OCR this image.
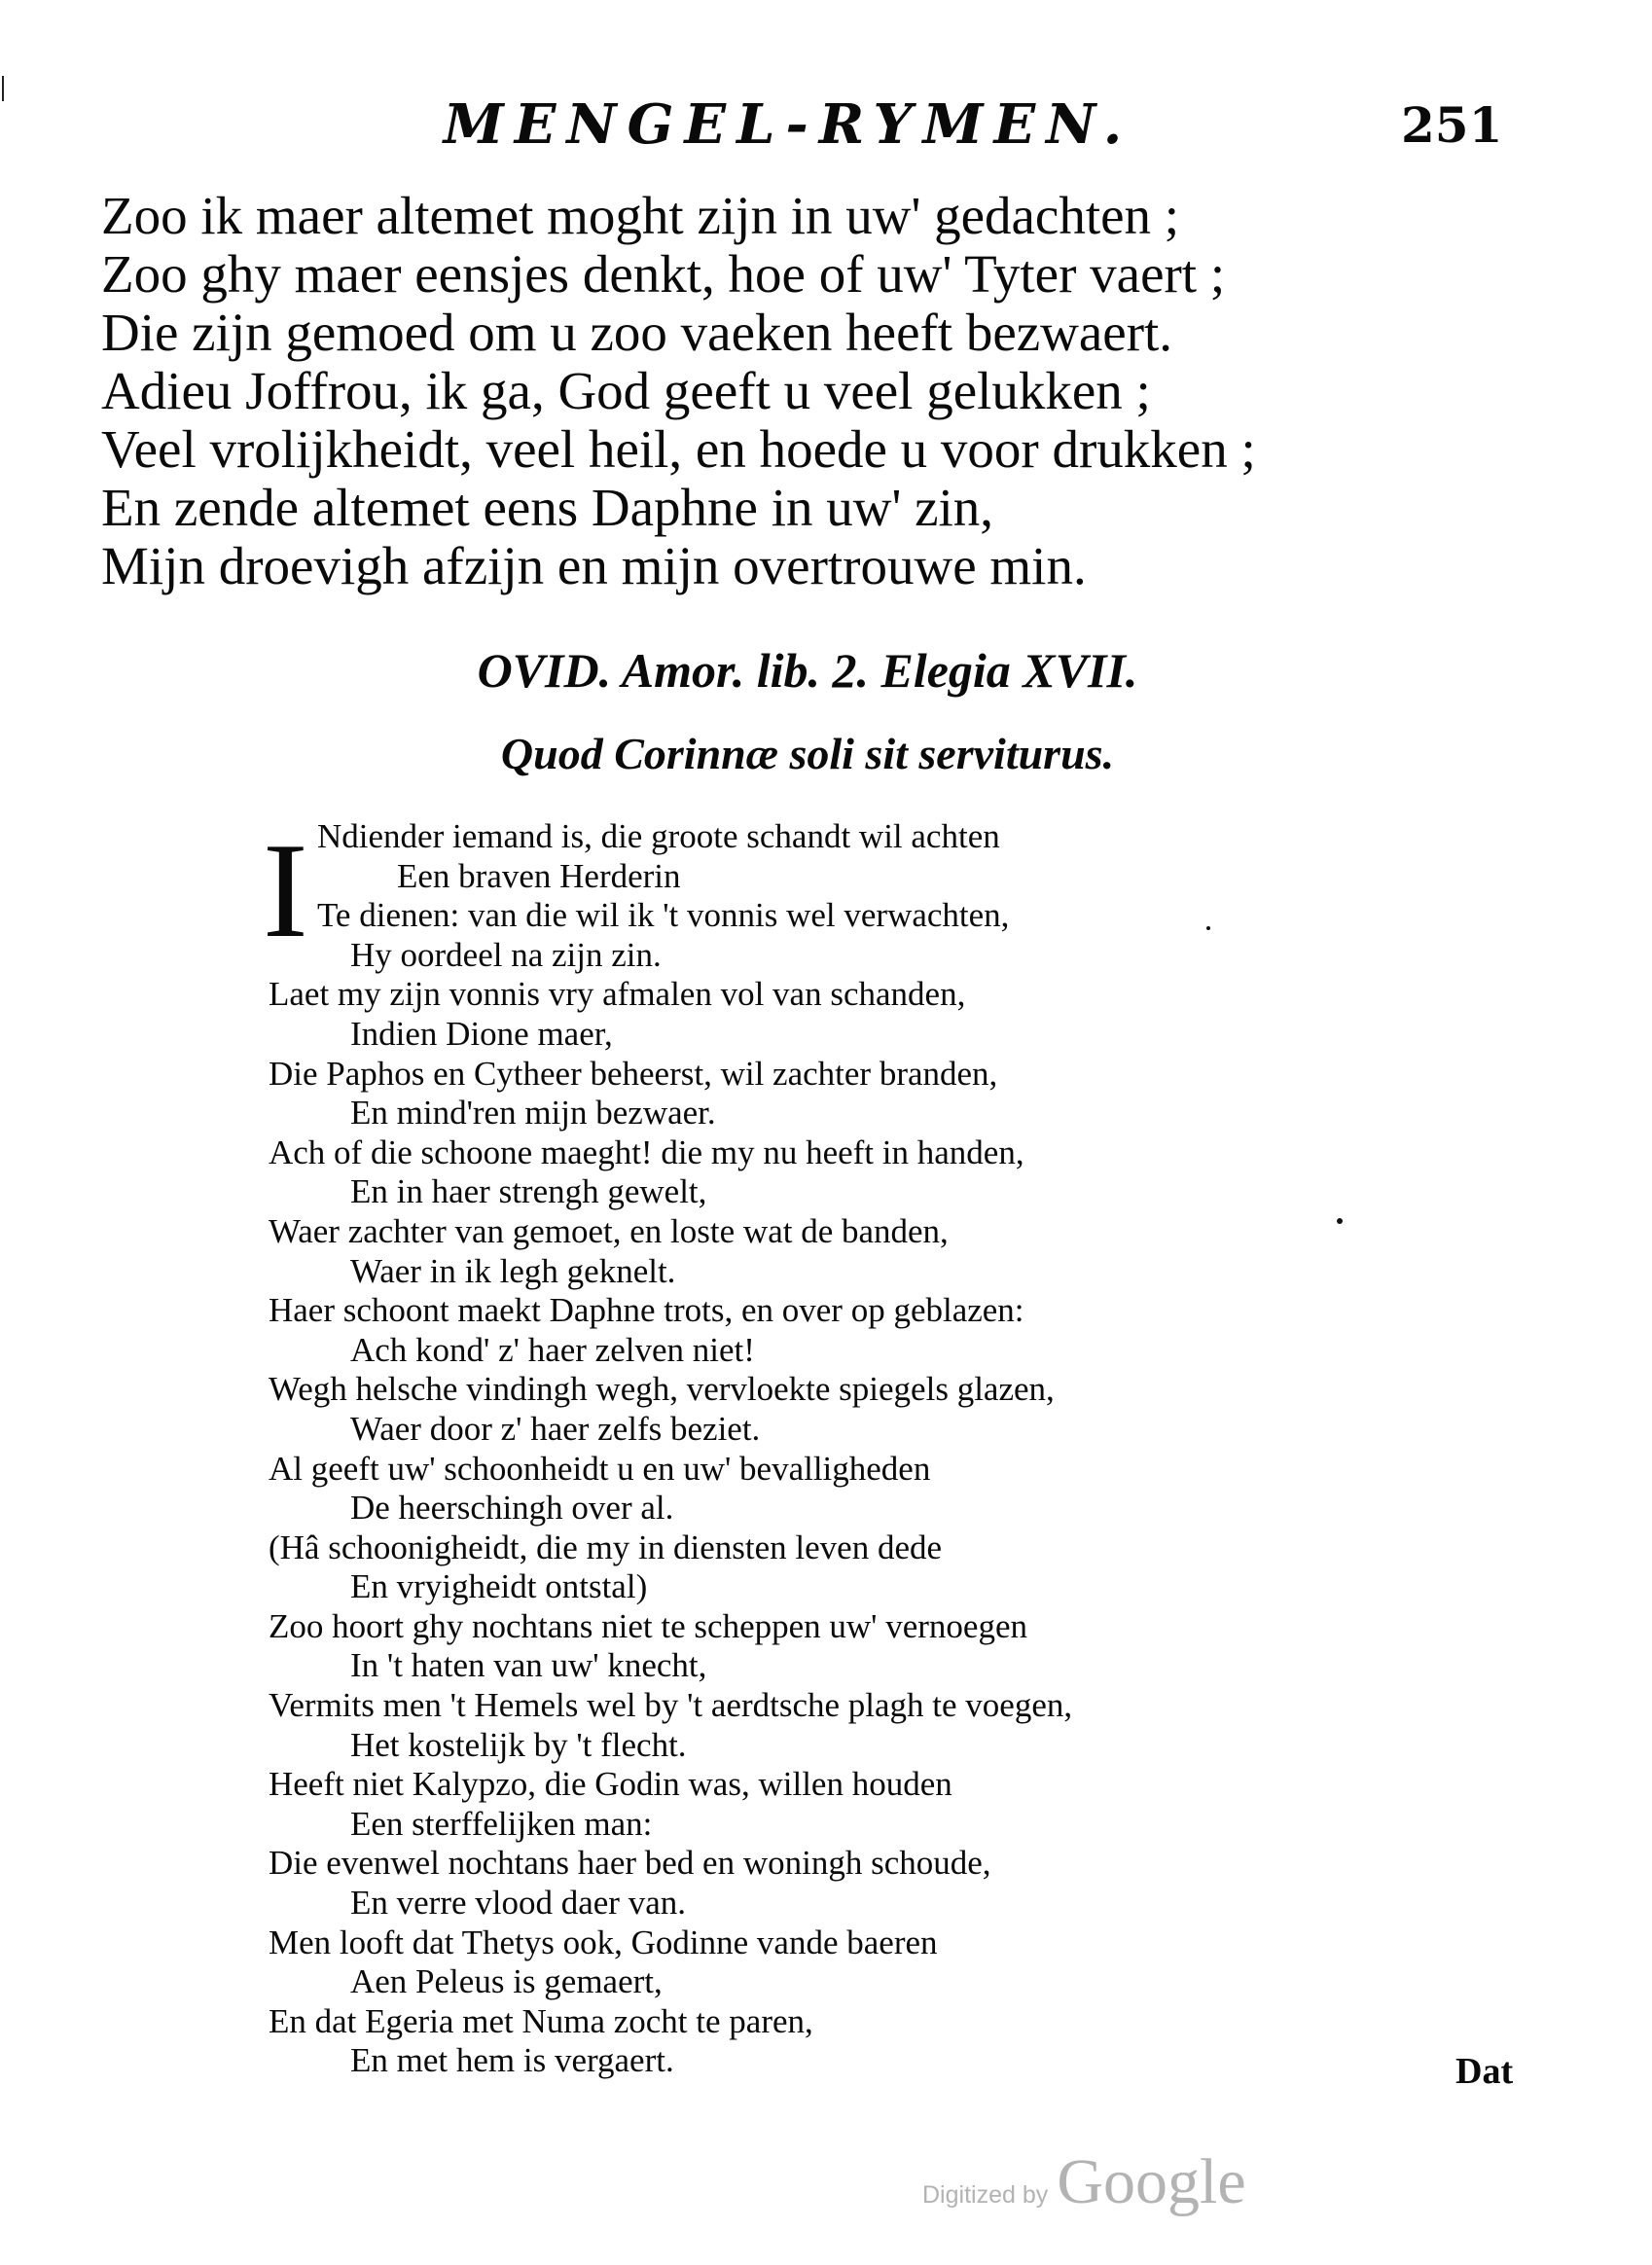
MENGEL-RYMEN.	251
Zoo ik maer altemet moght zijn in uw' gedachten ;
Zoo ghy maer eensjes denkt, hoe of uw' Tyter vaert ;
Die zijn gemoed om u zoo vaeken heeft bezwaert.
Adieu Joffrou, ik ga, God geeft u veel gelukken ;
Veel vrolijkheidt, veel heil, en hoede u voor drukken ;
En zende altemet eens Daphne in uw' zin,
Mijn droevigh afzijn en mijn overtrouwe min.
OVID. Amor. lib. 2. Elegia XVII.
Quod Corinnæ soli sit serviturus.
I Ndiender iemand is, die groote schandt wil achten
Een braven Herderin
Te dienen: van die wil ik 't vonnis wel verwachten,
Hy oordeel na zijn zin.
Laet my zijn vonnis vry afmalen vol van schanden,
Indien Dione maer,
Die Paphos en Cytheer beheerst, wil zachter branden,
En mind'ren mijn bezwaer.
Ach of die schoone maeght! die my nu heeft in handen,
En in haer strengh gewelt,
Waer zachter van gemoet, en loste wat de banden,
Waer in ik legh geknelt.
Haer schoont maekt Daphne trots, en over op geblazen:
Ach kond' z' haer zelven niet!
Wegh helsche vindingh wegh, vervloekte spiegels glazen,
Waer door z' haer zelfs beziet.
Al geeft uw' schoonheidt u en uw' bevalligheden
De heerschingh over al.
(Hâ schoonigheidt, die my in diensten leven dede
En vryigheidt ontstal)
Zoo hoort ghy nochtans niet te scheppen uw' vernoegen
In 't haten van uw' knecht,
Vermits men 't Hemels wel by 't aerdtsche plagh te voegen,
Het kostelijk by 't flecht.
Heeft niet Kalypzo, die Godin was, willen houden
Een sterffelijken man:
Die evenwel nochtans haer bed en woningh schoude,
En verre vlood daer van.
Men looft dat Thetys ook, Godinne vande baeren
Aen Peleus is gemaert,
En dat Egeria met Numa zocht te paren,
En met hem is vergaert.	Dat
Digitized by Google
